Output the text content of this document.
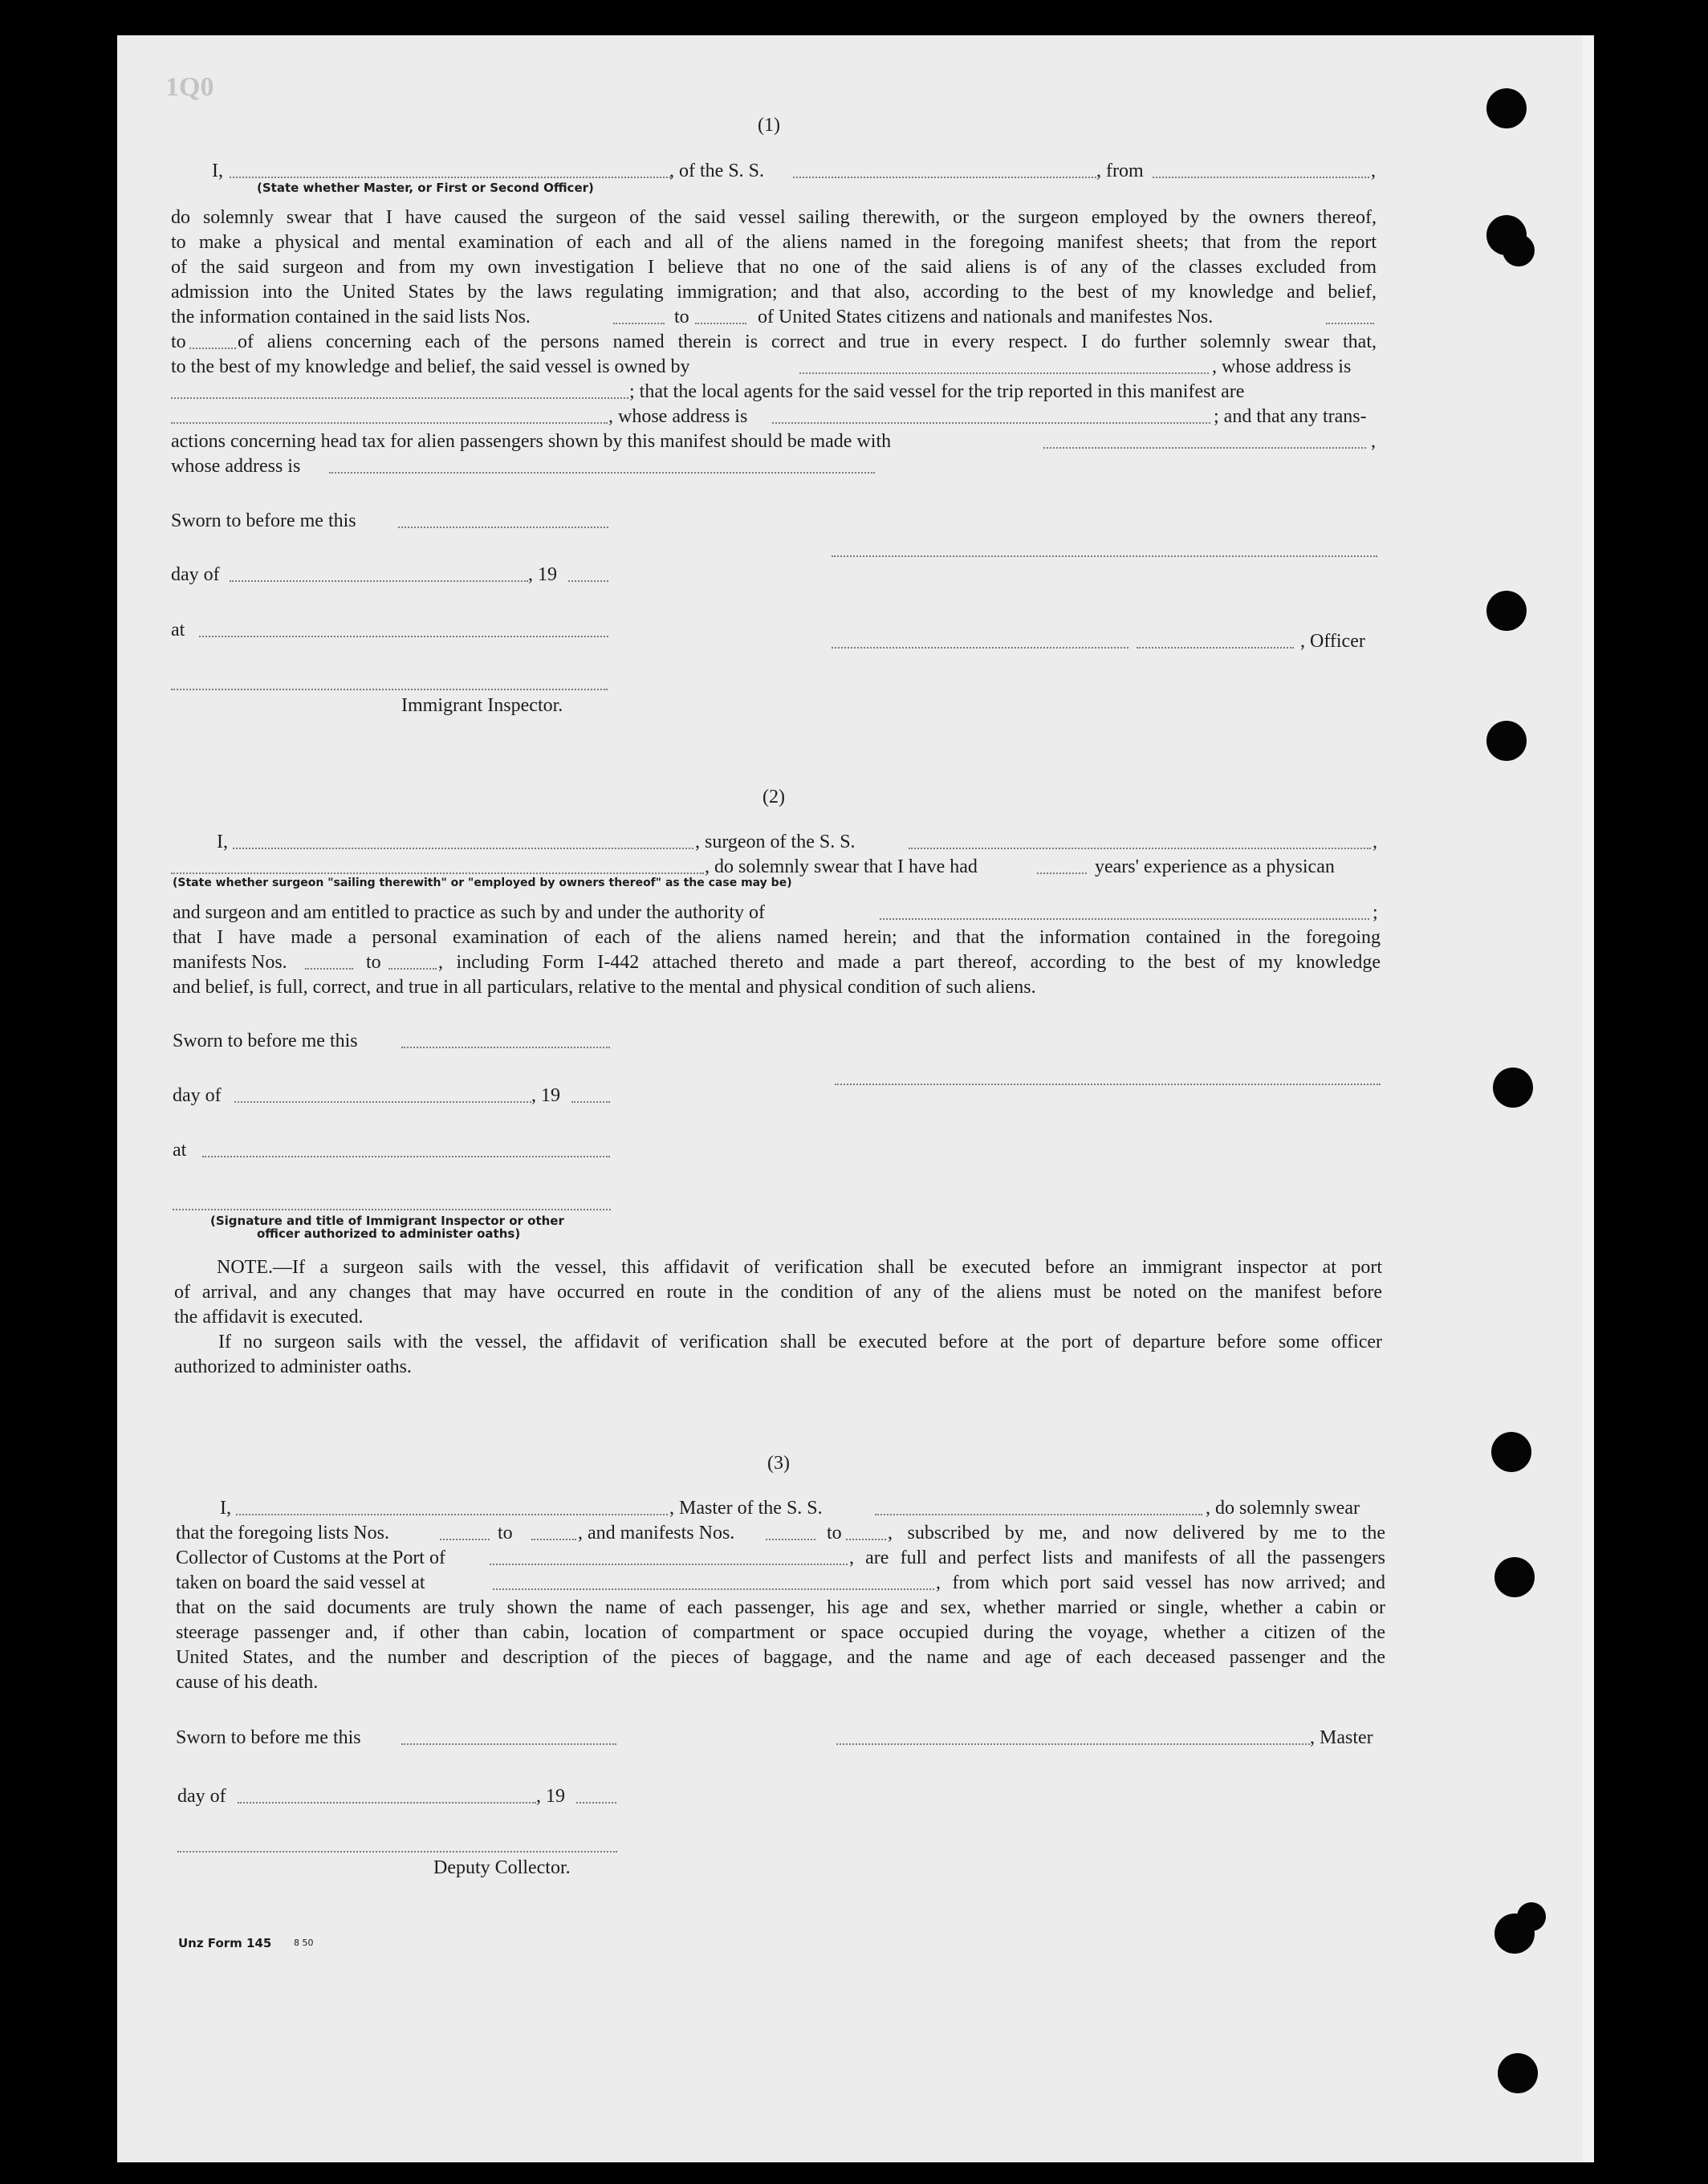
1Q0
(1)
I,	, of the S. S.	, from	,
(State whether Master, or First or Second Officer)
do solemnly swear that I have caused the surgeon of the said vessel sailing therewith, or the surgeon employed by the owners thereof,
to make a physical and mental examination of each and all of the aliens named in the foregoing manifest sheets; that from the report
of the said surgeon and from my own investigation I believe that no one of the said aliens is of any of the classes excluded from
admission into the United States by the laws regulating immigration; and that also, according to the best of my knowledge and belief,
the information contained in the said lists Nos.	to	of United States citizens and nationals and manifestes Nos.
to	of aliens concerning each of the persons named therein is correct and true in every respect. I do further solemnly swear that,
to the best of my knowledge and belief, the said vessel is owned by	, whose address is
; that the local agents for the said vessel for the trip reported in this manifest are
, whose address is	; and that any trans-
actions concerning head tax for alien passengers shown by this manifest should be made with	,
whose address is
Sworn to before me this
day of	, 19
at
, Officer
Immigrant Inspector.
(2)
I,	, surgeon of the S. S.	,
, do solemnly swear that I have had	years' experience as a physican
(State whether surgeon "sailing therewith" or "employed by owners thereof" as the case may be)
and surgeon and am entitled to practice as such by and under the authority of	;
that I have made a personal examination of each of the aliens named herein; and that the information contained in the foregoing
manifests Nos.	to	, including Form I-442 attached thereto and made a part thereof, according to the best of my knowledge
and belief, is full, correct, and true in all particulars, relative to the mental and physical condition of such aliens.
Sworn to before me this
day of	, 19
at
(Signature and title of Immigrant Inspector or other
officer authorized to administer oaths)
NOTE.—If a surgeon sails with the vessel, this affidavit of verification shall be executed before an immigrant inspector at port
of arrival, and any changes that may have occurred en route in the condition of any of the aliens must be noted on the manifest before
the affidavit is executed.
If no surgeon sails with the vessel, the affidavit of verification shall be executed before at the port of departure before some officer
authorized to administer oaths.
(3)
I,	, Master of the S. S.	, do solemnly swear
that the foregoing lists Nos.	to	, and manifests Nos.	to , subscribed by me, and now delivered by me to the
Collector of Customs at the Port of	, are full and perfect lists and manifests of all the passengers
taken on board the said vessel at	, from which port said vessel has now arrived; and
that on the said documents are truly shown the name of each passenger, his age and sex, whether married or single, whether a cabin or
steerage passenger and, if other than cabin, location of compartment or space occupied during the voyage, whether a citizen of the
United States, and the number and description of the pieces of baggage, and the name and age of each deceased passenger and the
cause of his death.
Sworn to before me this	, Master
day of	, 19
Deputy Collector.
Unz Form 145	8 50
